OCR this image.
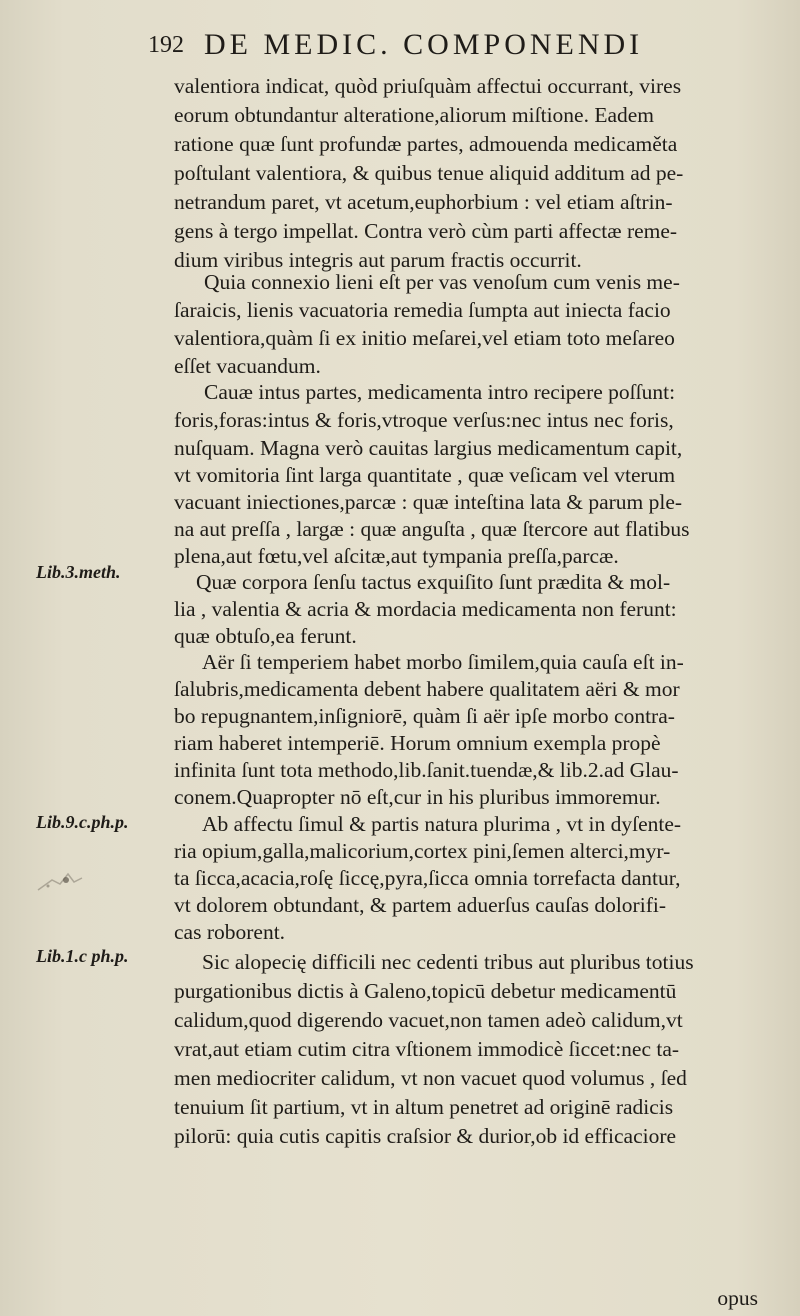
192 DE MEDIC. COMPONENDI
valentiora indicat, quòd priuſquàm affectui occurrant, vires
eorum obtundantur alteratione,aliorum miſtione. Eadem
ratione quæ ſunt profundæ partes, admouenda medicaměta
poſtulant valentiora, & quibus tenue aliquid additum ad pe-
netrandum paret, vt acetum,euphorbium : vel etiam aſtrin-
gens à tergo impellat. Contra verò cùm parti affectæ reme-
dium viribus integris aut parum fractis occurrit.
Quia connexio lieni eſt per vas venoſum cum venis me-
ſaraicis, lienis vacuatoria remedia ſumpta aut iniecta facio
valentiora,quàm ſi ex initio meſarei,vel etiam toto meſareo
eſſet vacuandum.
Cauæ intus partes, medicamenta intro recipere poſſunt:
foris,foras:intus & foris,vtroque verſus:nec intus nec foris,
nuſquam. Magna verò cauitas largius medicamentum capit,
vt vomitoria ſint larga quantitate , quæ veſicam vel vterum
vacuant iniectiones,parcæ : quæ inteſtina lata & parum ple-
na aut preſſa , largæ : quæ anguſta , quæ ſtercore aut flatibus
plena,aut fœtu,vel aſcitæ,aut tympania preſſa,parcæ.
Quæ corpora ſenſu tactus exquiſito ſunt prædita & mol-
lia , valentia & acria & mordacia medicamenta non ferunt:
quæ obtuſo,ea ferunt.
Aër ſi temperiem habet morbo ſimilem,quia cauſa eſt in-
ſalubris,medicamenta debent habere qualitatem aëri & mor
bo repugnantem,inſigniorē, quàm ſi aër ipſe morbo contra-
riam haberet intemperiē. Horum omnium exempla propè
infinita ſunt tota methodo,lib.ſanit.tuendæ,& lib.2.ad Glau-
conem.Quapropter nō eſt,cur in his pluribus immoremur.
Ab affectu ſimul & partis natura plurima , vt in dyſente-
ria opium,galla,malicorium,cortex pini,ſemen alterci,myr-
ta ſicca,acacia,roſę ſiccę,pyra,ſicca omnia torrefacta dantur,
vt dolorem obtundant, & partem aduerſus cauſas dolorifi-
cas roborent.
Sic alopecię difficili nec cedenti tribus aut pluribus totius
purgationibus dictis à Galeno,topicū debetur medicamentū
calidum,quod digerendo vacuet,non tamen adeò calidum,vt
vrat,aut etiam cutim citra vſtionem immodicè ſiccet:nec ta-
men mediocriter calidum, vt non vacuet quod volumus , ſed
tenuium ſit partium, vt in altum penetret ad originē radicis
pilorū: quia cutis capitis craſsior & durior,ob id efficaciore
opus
Lib.3.meth.
Lib.9.c.ph.p.
Lib.1.c ph.p.
